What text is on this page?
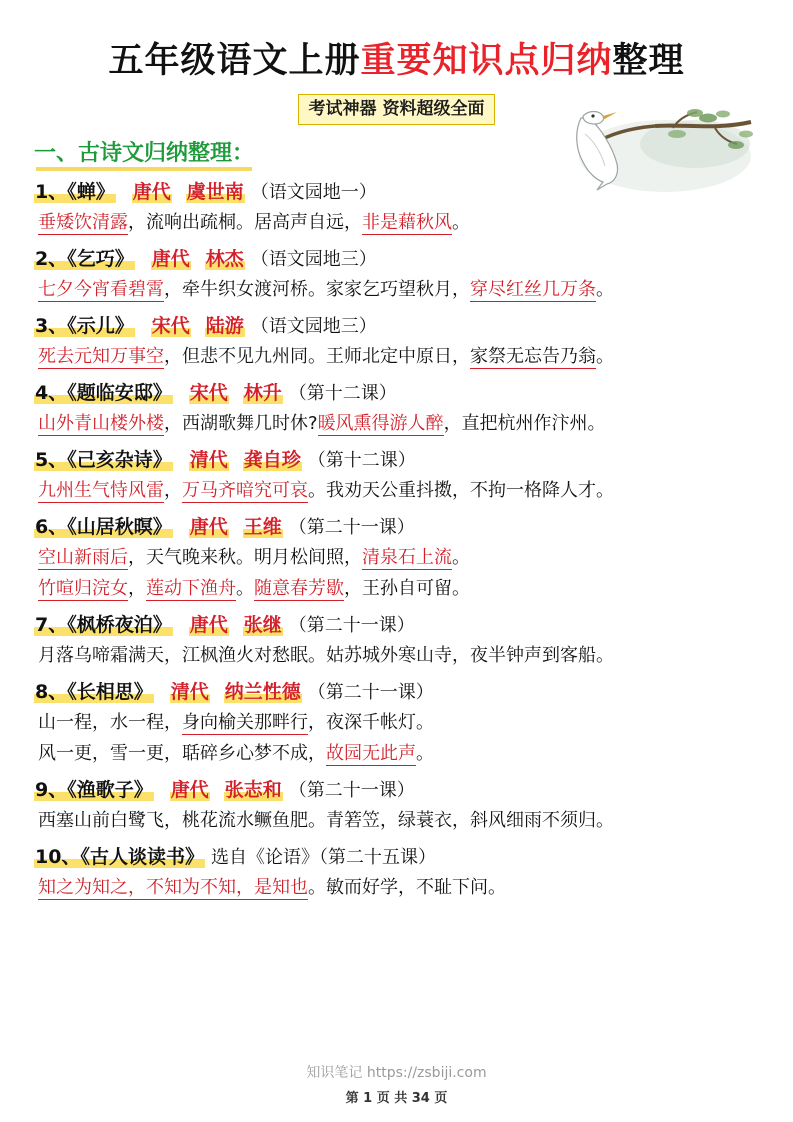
五年级语文上册重要知识点归纳整理
考试神器 资料超级全面
一、古诗文归纳整理：
1、《蝉》 唐代 虞世南 （语文园地一）
垂矮饮清露，流响出疏桐。居高声自远，非是藉秋风。
2、《乞巧》 唐代 林杰 （语文园地三）
七夕今宵看碧霄，牵牛织女渡河桥。家家乞巧望秋月，穿尽红丝几万条。
3、《示儿》 宋代 陆游 （语文园地三）
死去元知万事空，但悲不见九州同。王师北定中原日，家祭无忘告乃翁。
4、《题临安邸》 宋代 林升 （第十二课）
山外青山楼外楼，西湖歌舞几时休?暖风熏得游人醉，直把杭州作汴州。
5、《己亥杂诗》 清代 龚自珍 （第十二课）
九州生气恃风雷，万马齐喑究可哀。我劝天公重抖擞，不拘一格降人才。
6、《山居秋暝》 唐代 王维 （第二十一课）
空山新雨后，天气晚来秋。明月松间照，清泉石上流。
竹喧归浣女，莲动下渔舟。随意春芳歇，王孙自可留。
7、《枫桥夜泊》 唐代 张继 （第二十一课）
月落乌啼霜满天，江枫渔火对愁眠。姑苏城外寒山寺，夜半钟声到客船。
8、《长相思》 清代 纳兰性德 （第二十一课）
山一程，水一程，身向榆关那畔行，夜深千帐灯。
风一更，雪一更，聒碎乡心梦不成，故园无此声。
9、《渔歌子》 唐代 张志和 （第二十一课）
西塞山前白鹭飞，桃花流水鳜鱼肥。青箬笠，绿蓑衣，斜风细雨不须归。
10、《古人谈读书》 选自《论语》（第二十五课）
知之为知之，不知为不知，是知也。敏而好学，不耻下问。
知识笔记 https://zsbiji.com
第 1 页 共 34 页
